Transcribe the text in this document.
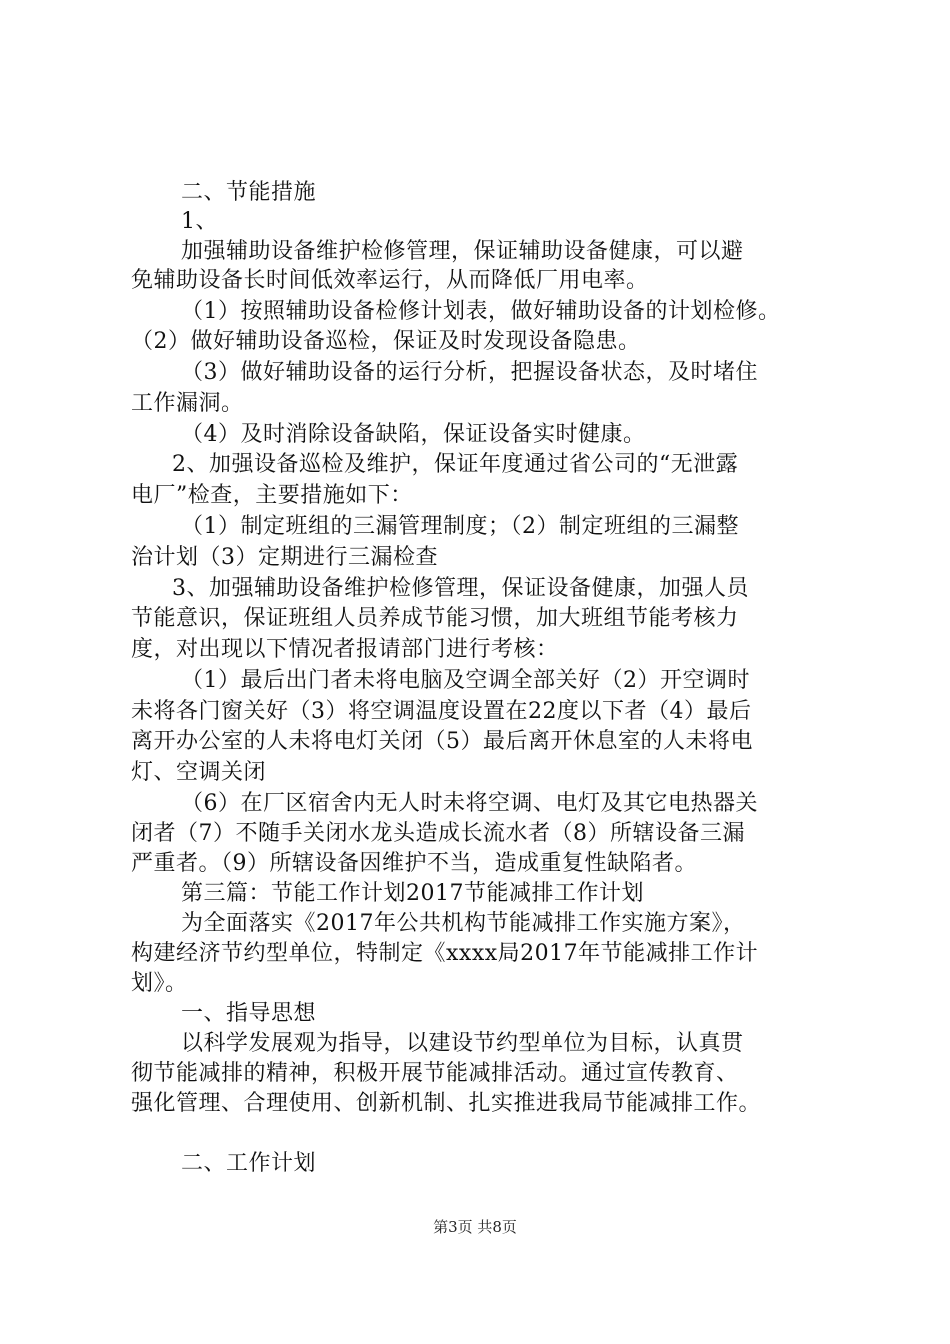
二、节能措施
1、
加强辅助设备维护检修管理，保证辅助设备健康，可以避
免辅助设备长时间低效率运行，从而降低厂用电率。
（1）按照辅助设备检修计划表，做好辅助设备的计划检修。
（2）做好辅助设备巡检，保证及时发现设备隐患。
（3）做好辅助设备的运行分析，把握设备状态，及时堵住
工作漏洞。
（4）及时消除设备缺陷，保证设备实时健康。
2、加强设备巡检及维护，保证年度通过省公司的“无泄露
电厂”检查，主要措施如下：
（1）制定班组的三漏管理制度；（2）制定班组的三漏整
治计划（3）定期进行三漏检查
3、加强辅助设备维护检修管理，保证设备健康，加强人员
节能意识，保证班组人员养成节能习惯，加大班组节能考核力
度，对出现以下情况者报请部门进行考核：
（1）最后出门者未将电脑及空调全部关好（2）开空调时
未将各门窗关好（3）将空调温度设置在22度以下者（4）最后
离开办公室的人未将电灯关闭（5）最后离开休息室的人未将电
灯、空调关闭
（6）在厂区宿舍内无人时未将空调、电灯及其它电热器关
闭者（7）不随手关闭水龙头造成长流水者（8）所辖设备三漏
严重者。（9）所辖设备因维护不当，造成重复性缺陷者。
第三篇：节能工作计划2017节能减排工作计划
为全面落实《2017年公共机构节能减排工作实施方案》，
构建经济节约型单位，特制定《xxxx局2017年节能减排工作计
划》。
一、指导思想
以科学发展观为指导，以建设节约型单位为目标，认真贯
彻节能减排的精神，积极开展节能减排活动。通过宣传教育、
强化管理、合理使用、创新机制、扎实推进我局节能减排工作。
二、工作计划
第3页 共8页
